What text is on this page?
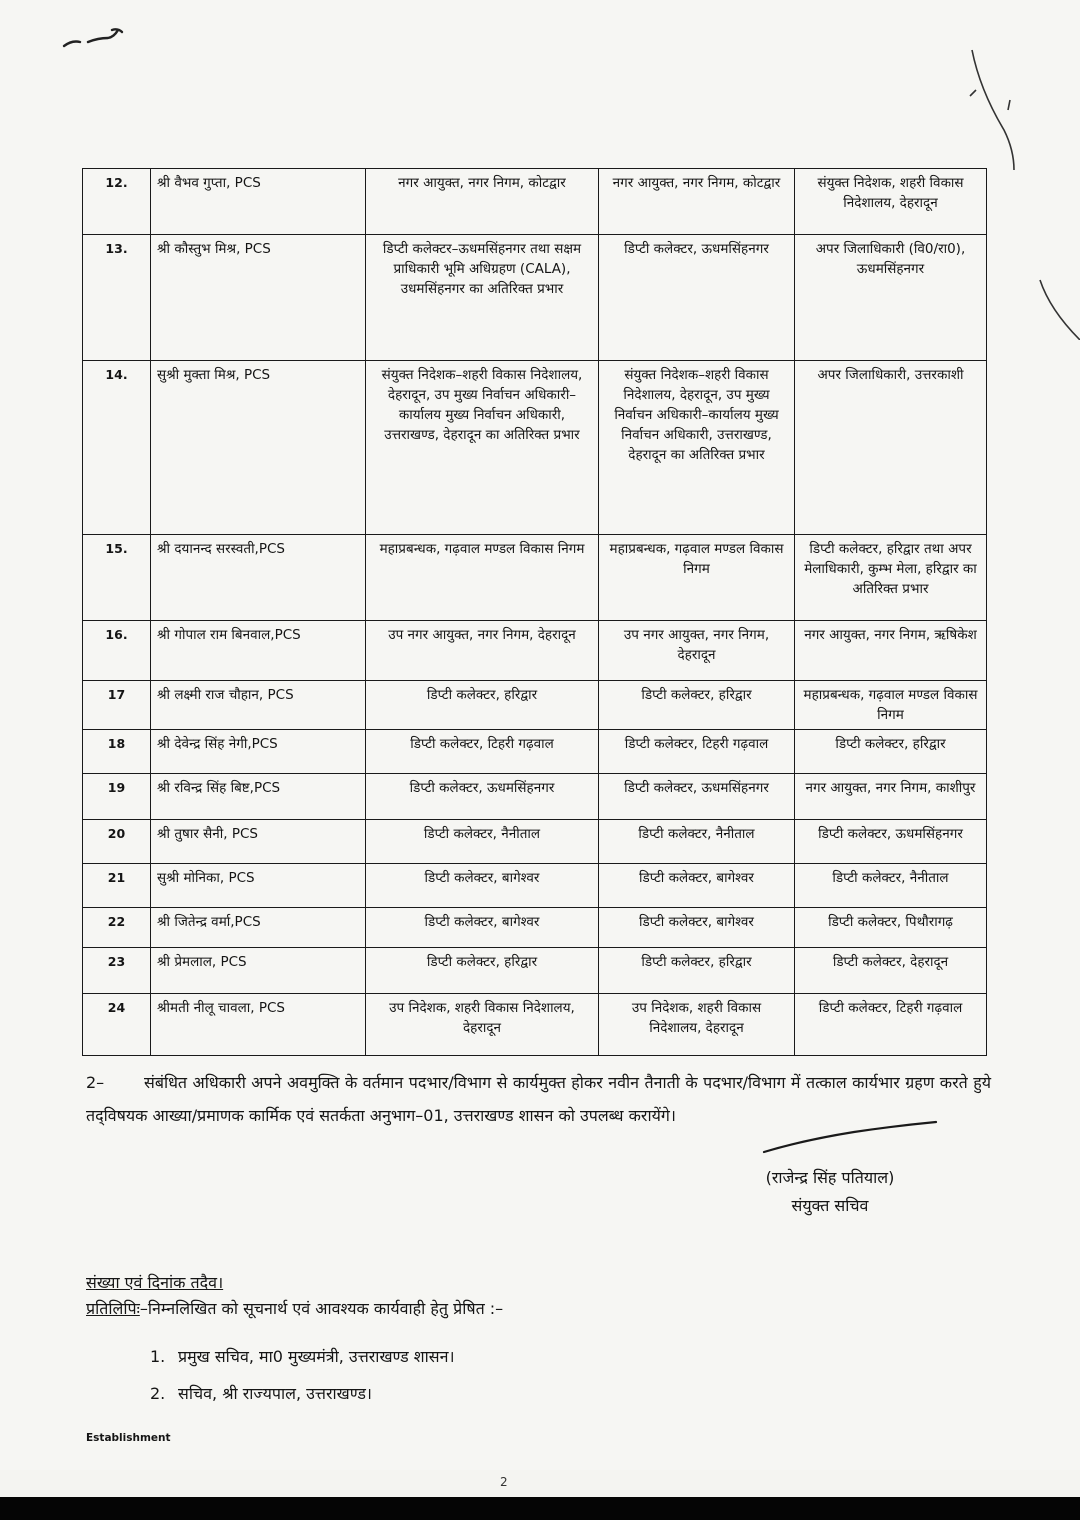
12.	श्री वैभव गुप्ता, PCS	नगर आयुक्त, नगर निगम, कोटद्वार	नगर आयुक्त, नगर निगम, कोटद्वार	संयुक्त निदेशक, शहरी विकास निदेशालय, देहरादून
13.	श्री कौस्तुभ मिश्र, PCS	डिप्टी कलेक्टर–ऊधमसिंहनगर तथा सक्षम प्राधिकारी भूमि अधिग्रहण (CALA), उधमसिंहनगर का अतिरिक्त प्रभार	डिप्टी कलेक्टर, ऊधमसिंहनगर	अपर जिलाधिकारी (वि0/रा0), ऊधमसिंहनगर
14.	सुश्री मुक्ता मिश्र, PCS	संयुक्त निदेशक–शहरी विकास निदेशालय, देहरादून, उप मुख्य निर्वाचन अधिकारी–कार्यालय मुख्य निर्वाचन अधिकारी, उत्तराखण्ड, देहरादून का अतिरिक्त प्रभार	संयुक्त निदेशक–शहरी विकास निदेशालय, देहरादून, उप मुख्य निर्वाचन अधिकारी–कार्यालय मुख्य निर्वाचन अधिकारी, उत्तराखण्ड, देहरादून का अतिरिक्त प्रभार	अपर जिलाधिकारी, उत्तरकाशी
15.	श्री दयानन्द सरस्वती,PCS	महाप्रबन्धक, गढ़वाल मण्डल विकास निगम	महाप्रबन्धक, गढ़वाल मण्डल विकास निगम	डिप्टी कलेक्टर, हरिद्वार तथा अपर मेलाधिकारी, कुम्भ मेला, हरिद्वार का अतिरिक्त प्रभार
16.	श्री गोपाल राम बिनवाल,PCS	उप नगर आयुक्त, नगर निगम, देहरादून	उप नगर आयुक्त, नगर निगम, देहरादून	नगर आयुक्त, नगर निगम, ऋषिकेश
17	श्री लक्ष्मी राज चौहान, PCS	डिप्टी कलेक्टर, हरिद्वार	डिप्टी कलेक्टर, हरिद्वार	महाप्रबन्धक, गढ़वाल मण्डल विकास निगम
18	श्री देवेन्द्र सिंह नेगी,PCS	डिप्टी कलेक्टर, टिहरी गढ़वाल	डिप्टी कलेक्टर, टिहरी गढ़वाल	डिप्टी कलेक्टर, हरिद्वार
19	श्री रविन्द्र सिंह बिष्ट,PCS	डिप्टी कलेक्टर, ऊधमसिंहनगर	डिप्टी कलेक्टर, ऊधमसिंहनगर	नगर आयुक्त, नगर निगम, काशीपुर
20	श्री तुषार सैनी, PCS	डिप्टी कलेक्टर, नैनीताल	डिप्टी कलेक्टर, नैनीताल	डिप्टी कलेक्टर, ऊधमसिंहनगर
21	सुश्री मोनिका, PCS	डिप्टी कलेक्टर, बागेश्वर	डिप्टी कलेक्टर, बागेश्वर	डिप्टी कलेक्टर, नैनीताल
22	श्री जितेन्द्र वर्मा,PCS	डिप्टी कलेक्टर, बागेश्वर	डिप्टी कलेक्टर, बागेश्वर	डिप्टी कलेक्टर, पिथौरागढ़
23	श्री प्रेमलाल, PCS	डिप्टी कलेक्टर, हरिद्वार	डिप्टी कलेक्टर, हरिद्वार	डिप्टी कलेक्टर, देहरादून
24	श्रीमती नीलू चावला, PCS	उप निदेशक, शहरी विकास निदेशालय, देहरादून	उप निदेशक, शहरी विकास निदेशालय, देहरादून	डिप्टी कलेक्टर, टिहरी गढ़वाल
2– संबंधित अधिकारी अपने अवमुक्ति के वर्तमान पदभार/विभाग से कार्यमुक्त होकर नवीन तैनाती के पदभार/विभाग में तत्काल कार्यभार ग्रहण करते हुये तद्‌विषयक आख्या/प्रमाणक कार्मिक एवं सतर्कता अनुभाग–01, उत्तराखण्ड शासन को उपलब्ध करायेंगे।
(राजेन्द्र सिंह पतियाल)
संयुक्त सचिव
संख्या एवं दिनांक तदैव।
प्रतिलिपिः–निम्नलिखित को सूचनार्थ एवं आवश्यक कार्यवाही हेतु प्रेषित :–
1. प्रमुख सचिव, मा0 मुख्यमंत्री, उत्तराखण्ड शासन।
2. सचिव, श्री राज्यपाल, उत्तराखण्ड।
Establishment
2
